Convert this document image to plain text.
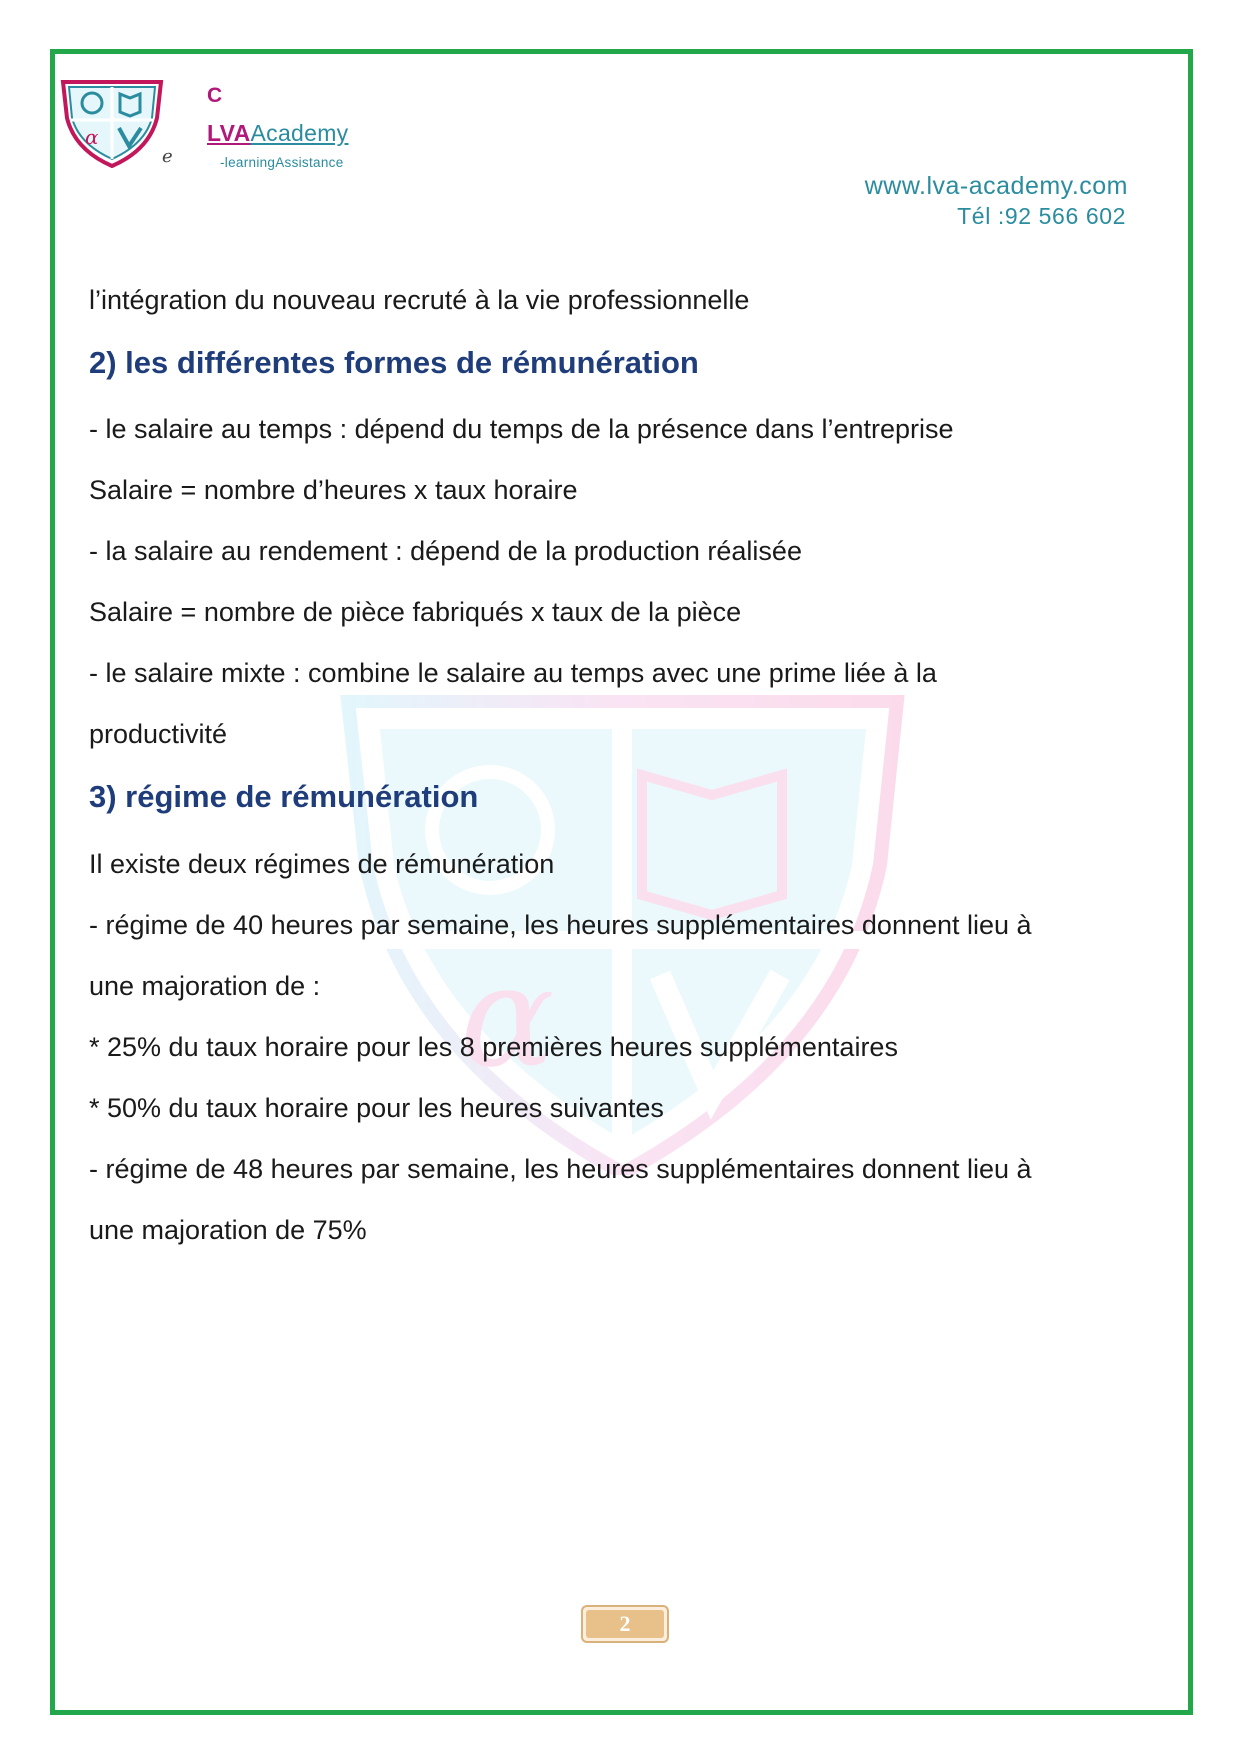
α
C
LVAAcademy
e	-learningAssistance
www.lva-academy.com
Tél :92 566 602
α
l’intégration du nouveau recruté à la vie professionnelle
2) les différentes formes de rémunération
- le salaire au temps : dépend du temps de la présence dans l’entreprise
Salaire = nombre d’heures x taux horaire
- la salaire au rendement : dépend de la production réalisée
Salaire = nombre de pièce fabriqués x taux de la pièce
- le salaire mixte : combine le salaire au temps avec une prime liée à la
productivité
3) régime de rémunération
Il existe deux régimes de rémunération
- régime de 40 heures par semaine, les heures supplémentaires donnent lieu à
une majoration de :
* 25% du taux horaire pour les 8 premières heures supplémentaires
* 50% du taux horaire pour les heures suivantes
- régime de 48 heures par semaine, les heures supplémentaires donnent lieu à
une majoration de 75%
2
